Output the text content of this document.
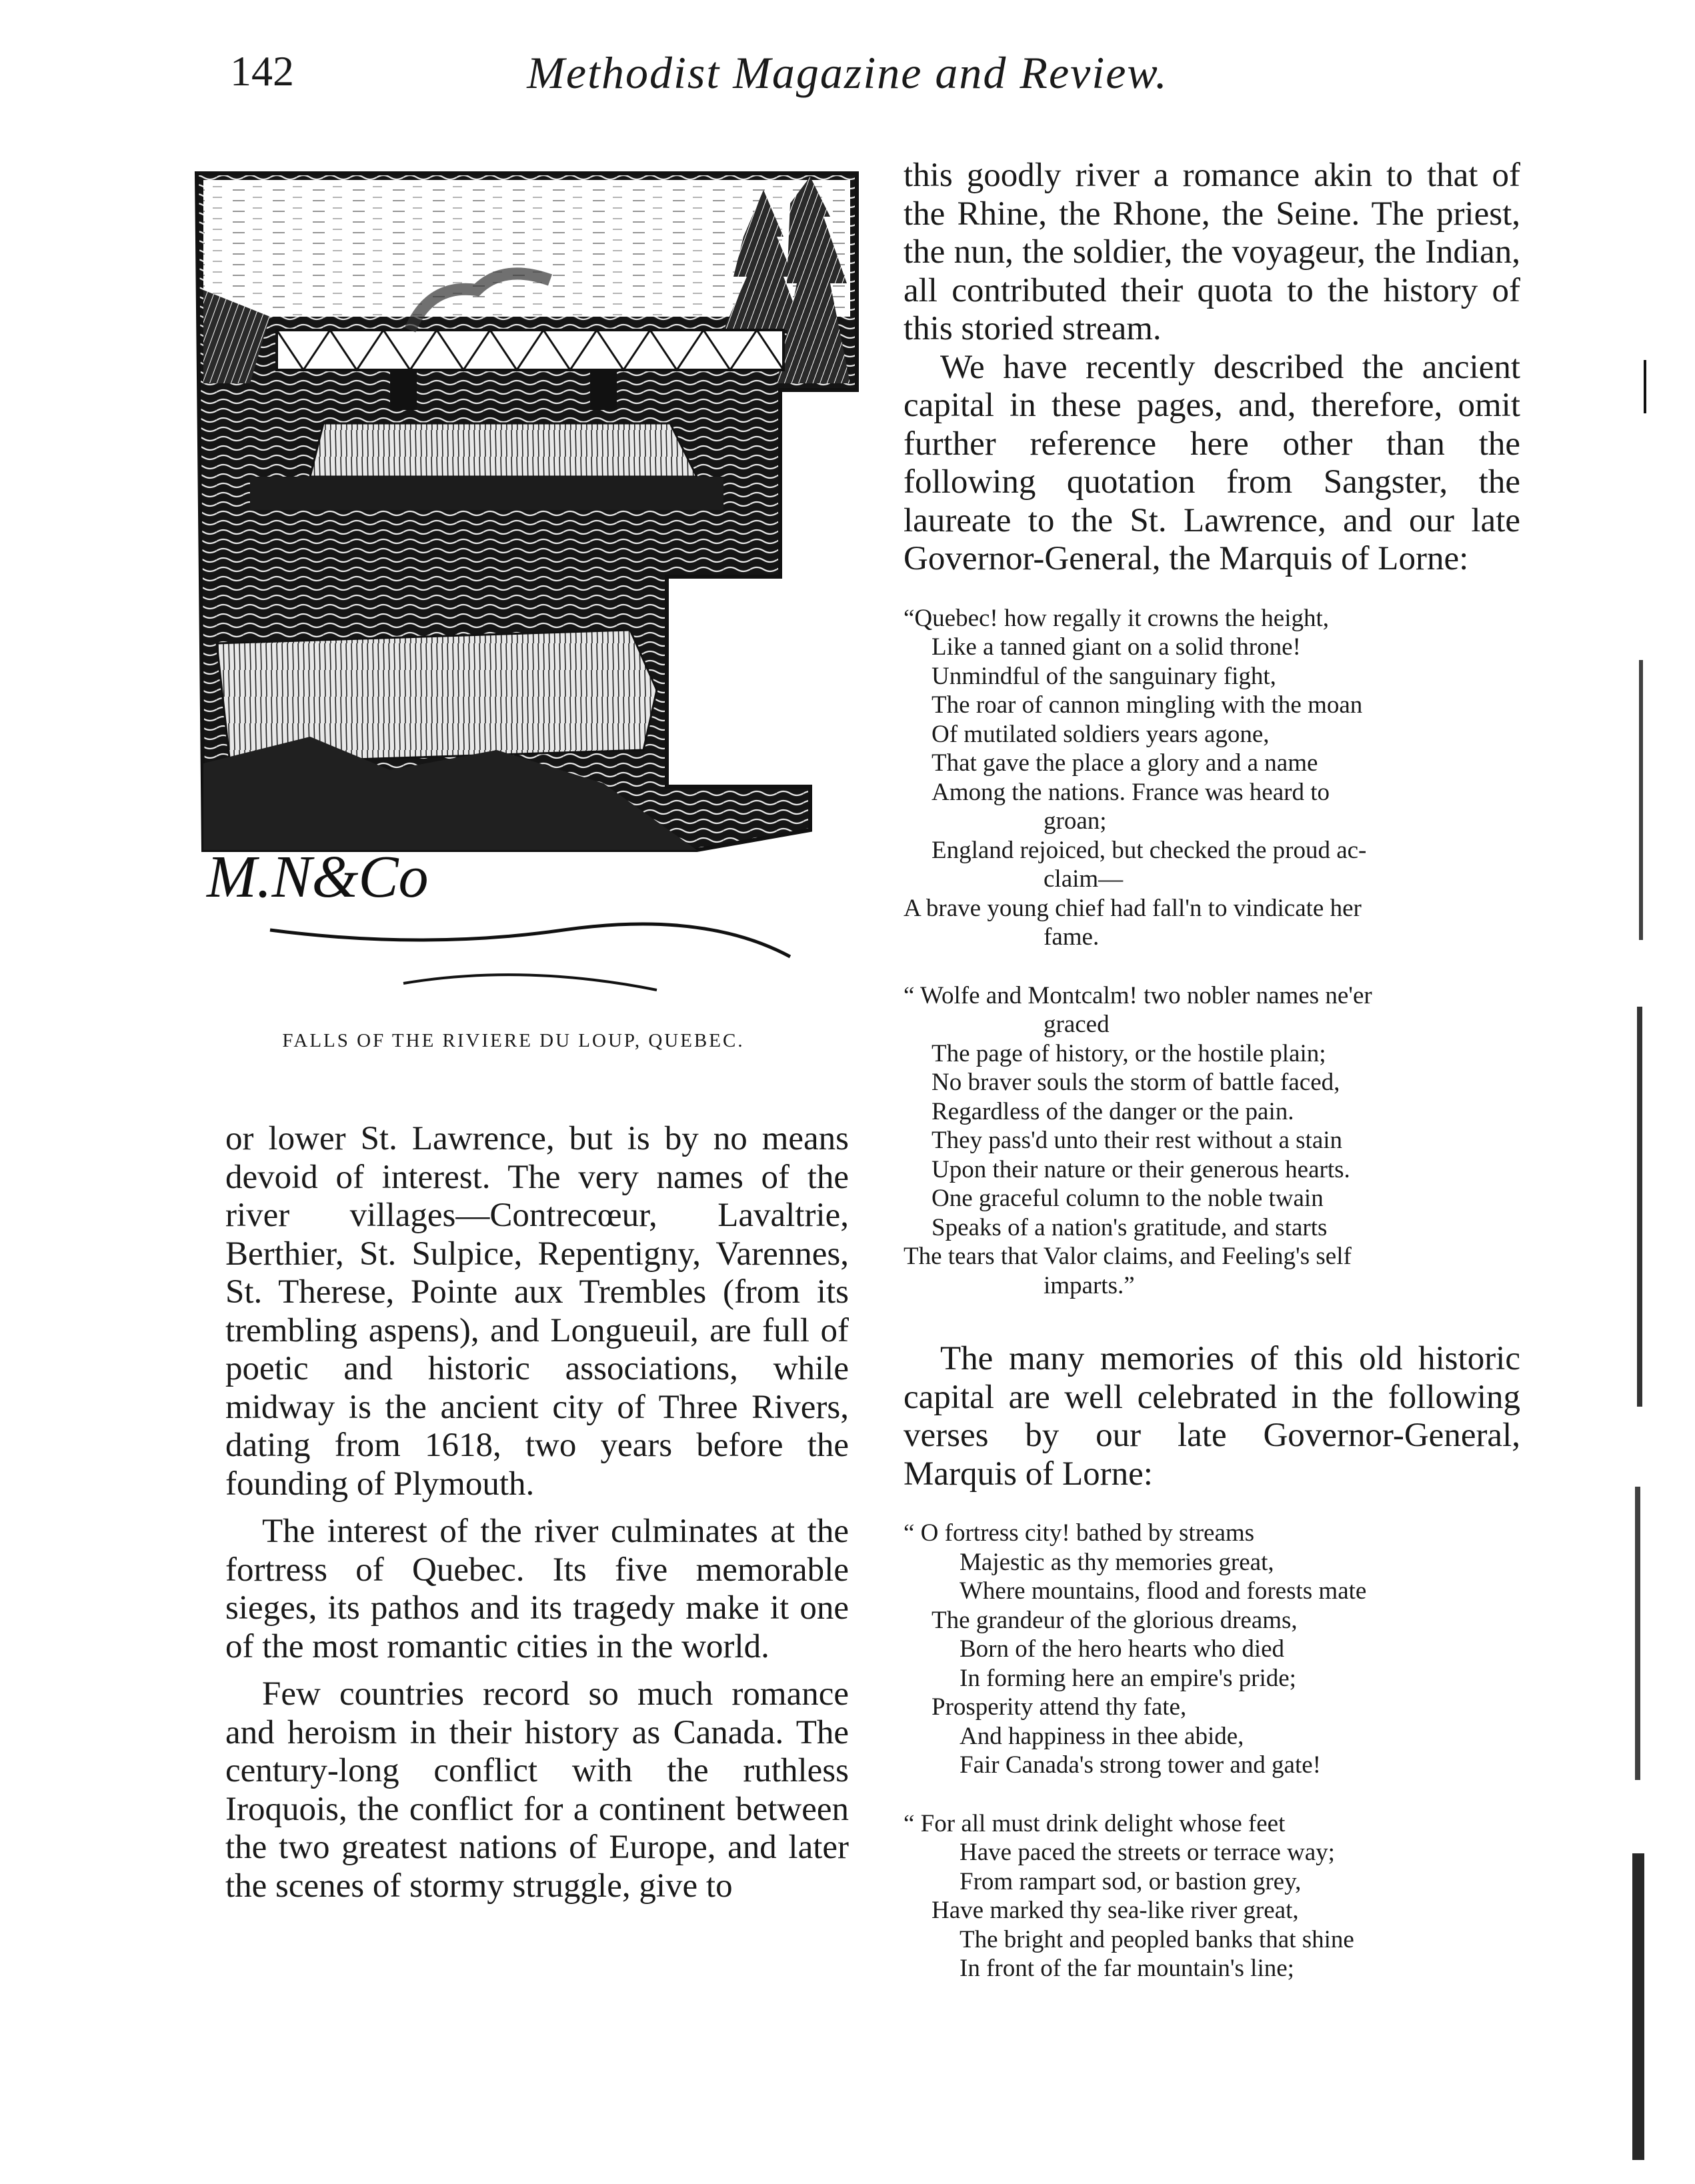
142	Methodist Magazine and Review.
M.N&Co
FALLS OF THE RIVIERE DU LOUP, QUEBEC.

or lower St. Lawrence, but is by no means devoid of interest. The very names of the river villages—Contrecœur, Lavaltrie, Berthier, St. Sulpice, Repentigny, Varennes, St. Therese, Pointe aux Trembles (from its trembling aspens), and Longueuil, are full of poetic and historic associations, while midway is the ancient city of Three Rivers, dating from 1618, two years before the founding of Plymouth.

The interest of the river culminates at the fortress of Quebec. Its five memorable sieges, its pathos and its tragedy make it one of the most romantic cities in the world.

Few countries record so much romance and heroism in their history as Canada. The century-long conflict with the ruthless Iroquois, the conflict for a continent between the two greatest nations of Europe, and later the scenes of stormy struggle, give to

this goodly river a romance akin to that of the Rhine, the Rhone, the Seine. The priest, the nun, the soldier, the voyageur, the Indian, all contributed their quota to the history of this storied stream.

We have recently described the ancient capital in these pages, and, therefore, omit further reference here other than the following quotation from Sangster, the laureate to the St. Lawrence, and our late Governor-General, the Marquis of Lorne:

“Quebec! how regally it crowns the height,
Like a tanned giant on a solid throne!
Unmindful of the sanguinary fight,
The roar of cannon mingling with the moan
Of mutilated soldiers years agone,
That gave the place a glory and a name
Among the nations. France was heard to
groan;
England rejoiced, but checked the proud ac-
claim—
A brave young chief had fall'n to vindicate her
fame.
“ Wolfe and Montcalm! two nobler names ne'er
graced
The page of history, or the hostile plain;
No braver souls the storm of battle faced,
Regardless of the danger or the pain.
They pass'd unto their rest without a stain
Upon their nature or their generous hearts.
One graceful column to the noble twain
Speaks of a nation's gratitude, and starts
The tears that Valor claims, and Feeling's self
imparts.”

The many memories of this old historic capital are well celebrated in the following verses by our late Governor-General, Marquis of Lorne:

“ O fortress city! bathed by streams
Majestic as thy memories great,
Where mountains, flood and forests mate
The grandeur of the glorious dreams,
Born of the hero hearts who died
In forming here an empire's pride;
Prosperity attend thy fate,
And happiness in thee abide,
Fair Canada's strong tower and gate!
“ For all must drink delight whose feet
Have paced the streets or terrace way;
From rampart sod, or bastion grey,
Have marked thy sea-like river great,
The bright and peopled banks that shine
In front of the far mountain's line;
